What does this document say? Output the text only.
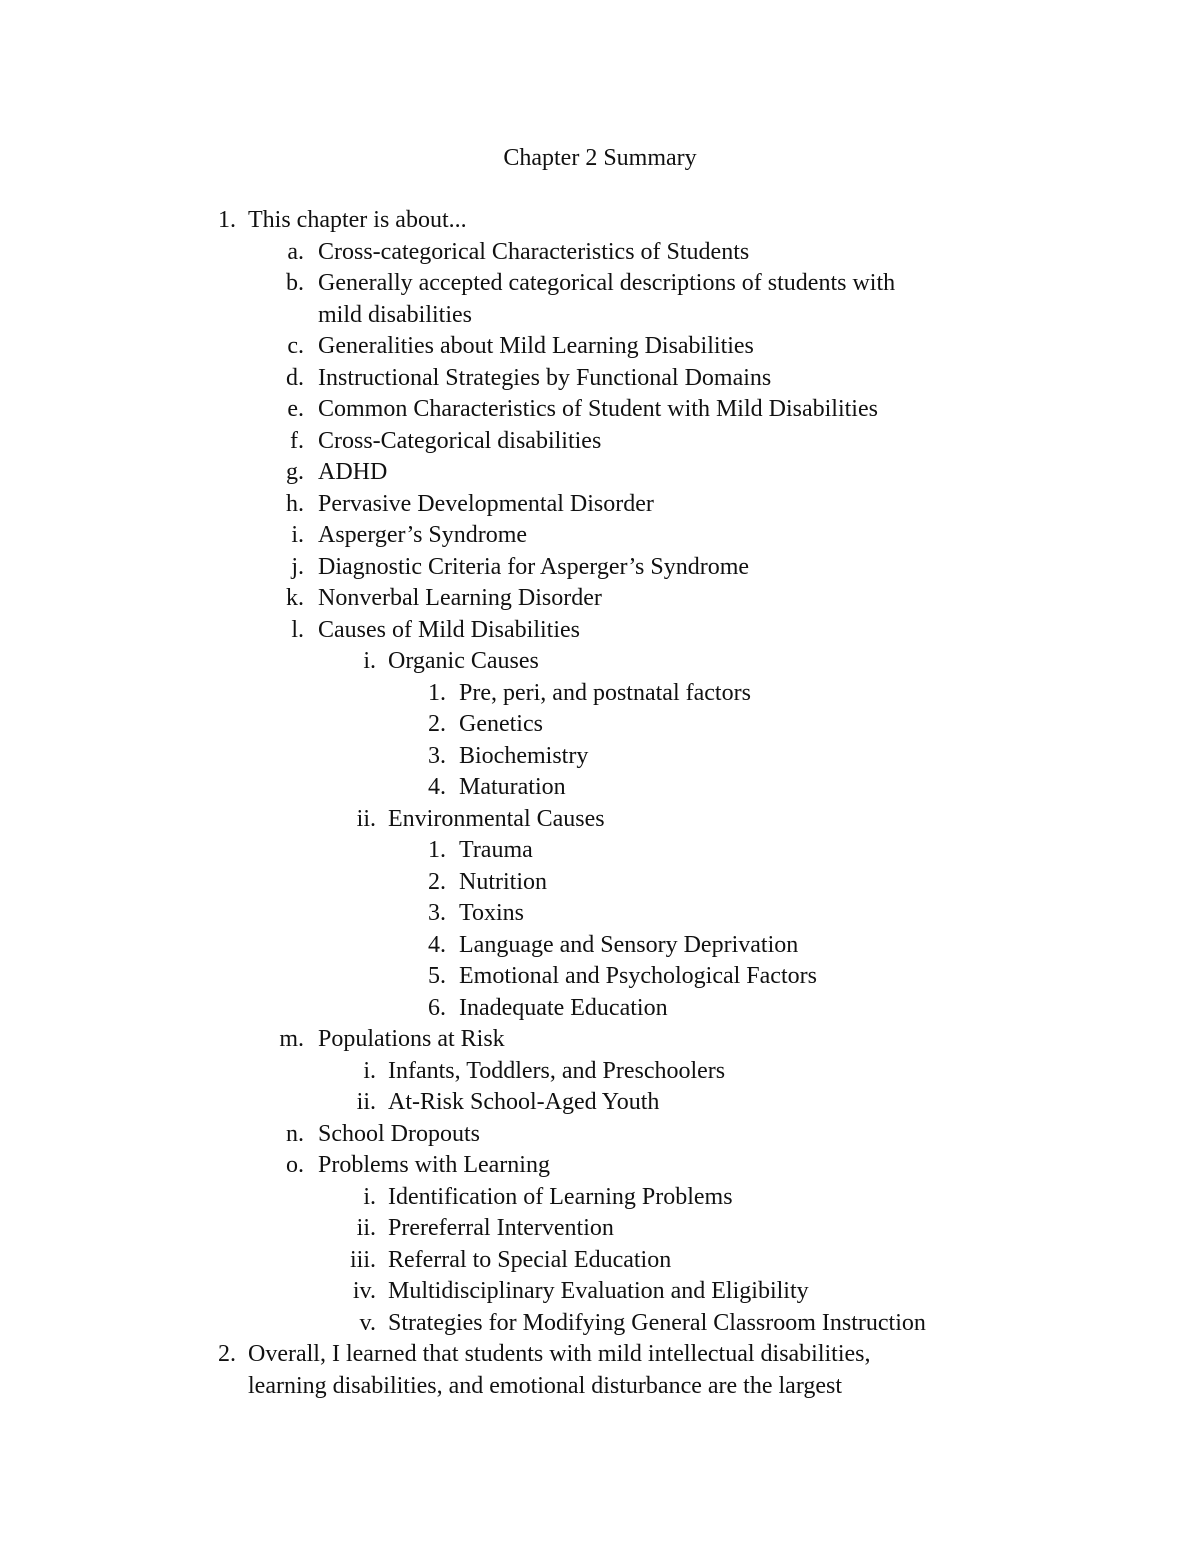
Chapter 2 Summary
1. This chapter is about...
a. Cross-categorical Characteristics of Students
b. Generally accepted categorical descriptions of students with
mild disabilities
c. Generalities about Mild Learning Disabilities
d. Instructional Strategies by Functional Domains
e. Common Characteristics of Student with Mild Disabilities
f. Cross-Categorical disabilities
g. ADHD
h. Pervasive Developmental Disorder
i. Asperger’s Syndrome
j. Diagnostic Criteria for Asperger’s Syndrome
k. Nonverbal Learning Disorder
l. Causes of Mild Disabilities
i. Organic Causes
1. Pre, peri, and postnatal factors
2. Genetics
3. Biochemistry
4. Maturation
ii. Environmental Causes
1. Trauma
2. Nutrition
3. Toxins
4. Language and Sensory Deprivation
5. Emotional and Psychological Factors
6. Inadequate Education
m. Populations at Risk
i. Infants, Toddlers, and Preschoolers
ii. At-Risk School-Aged Youth
n. School Dropouts
o. Problems with Learning
i. Identification of Learning Problems
ii. Prereferral Intervention
iii. Referral to Special Education
iv. Multidisciplinary Evaluation and Eligibility
v. Strategies for Modifying General Classroom Instruction
2. Overall, I learned that students with mild intellectual disabilities,
learning disabilities, and emotional disturbance are the largest
